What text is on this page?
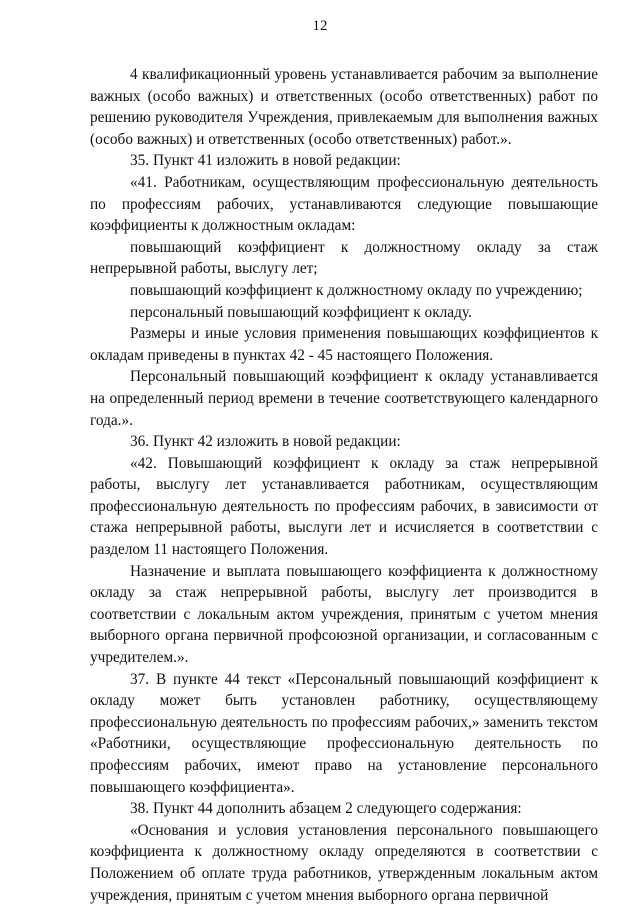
12

4 квалификационный уровень устанавливается рабочим за выполнение важных (особо важных) и ответственных (особо ответственных) работ по решению руководителя Учреждения, привлекаемым для выполнения важных (особо важных) и ответственных (особо ответственных) работ.».

35. Пункт 41 изложить в новой редакции:

«41. Работникам, осуществляющим профессиональную деятельность по профессиям рабочих, устанавливаются следующие повышающие коэффициенты к должностным окладам:

повышающий коэффициент к должностному окладу за стаж непрерывной работы, выслугу лет;

повышающий коэффициент к должностному окладу по учреждению;

персональный повышающий коэффициент к окладу.

Размеры и иные условия применения повышающих коэффициентов к окладам приведены в пунктах 42 - 45 настоящего Положения.

Персональный повышающий коэффициент к окладу устанавливается на определенный период времени в течение соответствующего календарного года.».

36. Пункт 42 изложить в новой редакции:

«42. Повышающий коэффициент к окладу за стаж непрерывной работы, выслугу лет устанавливается работникам, осуществляющим профессиональную деятельность по профессиям рабочих, в зависимости от стажа непрерывной работы, выслуги лет и исчисляется в соответствии с разделом 11 настоящего Положения.

Назначение и выплата повышающего коэффициента к должностному окладу за стаж непрерывной работы, выслугу лет производится в соответствии с локальным актом учреждения, принятым с учетом мнения выборного органа первичной профсоюзной организации, и согласованным с учредителем.».

37. В пункте 44 текст «Персональный повышающий коэффициент к окладу может быть установлен работнику, осуществляющему профессиональную деятельность по профессиям рабочих,» заменить текстом «Работники, осуществляющие профессиональную деятельность по профессиям рабочих, имеют право на установление персонального повышающего коэффициента».

38. Пункт 44 дополнить абзацем 2 следующего содержания:

«Основания и условия установления персонального повышающего коэффициента к должностному окладу определяются в соответствии с Положением об оплате труда работников, утвержденным локальным актом учреждения, принятым с учетом мнения выборного органа первичной
